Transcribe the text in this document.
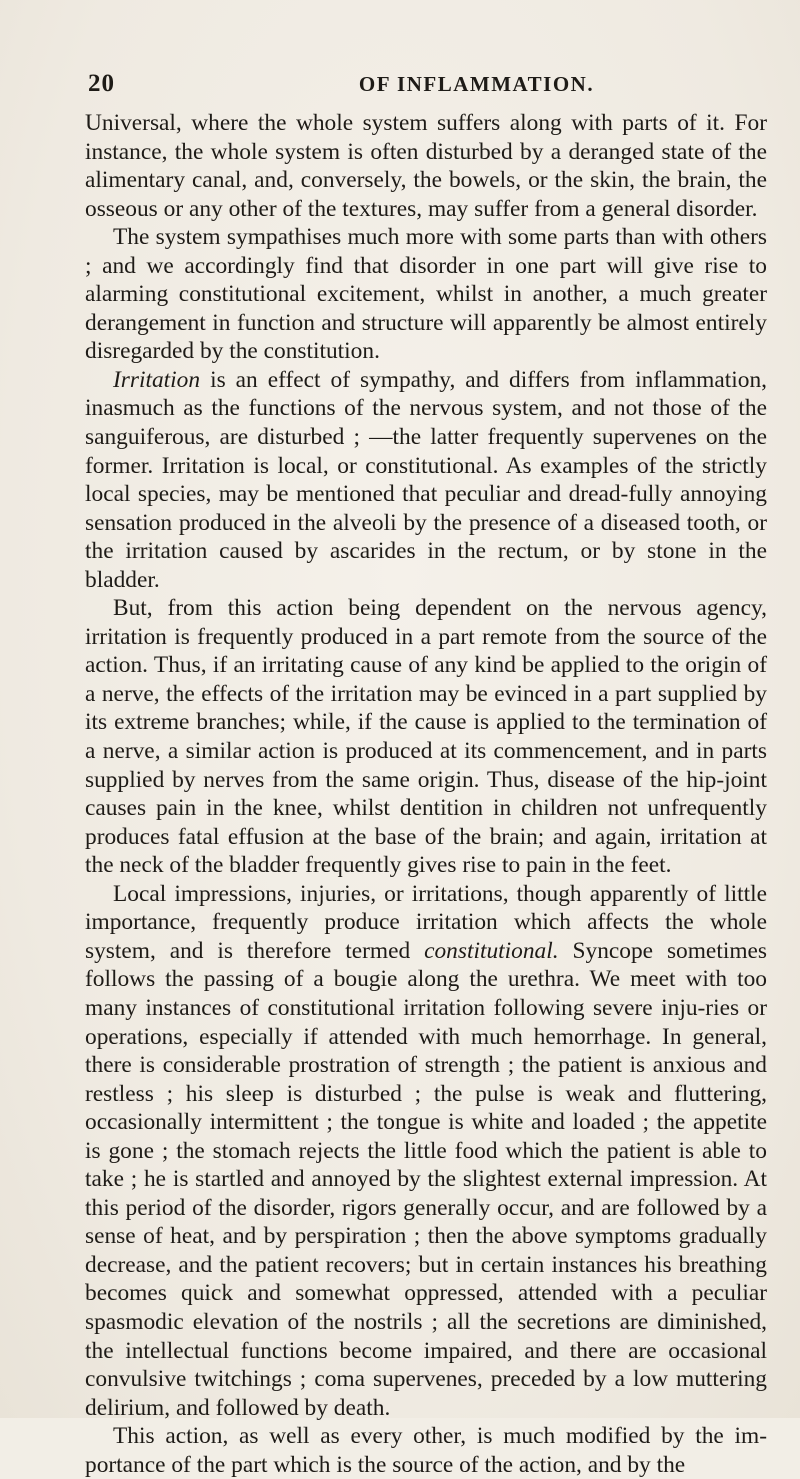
20	OF INFLAMMATION.

Universal, where the whole system suffers along with parts of it. For instance, the whole system is often disturbed by a deranged state of the alimentary canal, and, conversely, the bowels, or the skin, the brain, the osseous or any other of the textures, may suffer from a general disorder.

The system sympathises much more with some parts than with others ; and we accordingly find that disorder in one part will give rise to alarming constitutional excitement, whilst in another, a much greater derangement in function and structure will apparently be almost entirely disregarded by the constitution.

Irritation is an effect of sympathy, and differs from inflammation, inasmuch as the functions of the nervous system, and not those of the sanguiferous, are disturbed ; —the latter frequently supervenes on the former. Irritation is local, or constitutional. As examples of the strictly local species, may be mentioned that peculiar and dread-fully annoying sensation produced in the alveoli by the presence of a diseased tooth, or the irritation caused by ascarides in the rectum, or by stone in the bladder.

But, from this action being dependent on the nervous agency, irritation is frequently produced in a part remote from the source of the action. Thus, if an irritating cause of any kind be applied to the origin of a nerve, the effects of the irritation may be evinced in a part supplied by its extreme branches; while, if the cause is applied to the termination of a nerve, a similar action is produced at its commencement, and in parts supplied by nerves from the same origin. Thus, disease of the hip-joint causes pain in the knee, whilst dentition in children not unfrequently produces fatal effusion at the base of the brain; and again, irritation at the neck of the bladder frequently gives rise to pain in the feet.

Local impressions, injuries, or irritations, though apparently of little importance, frequently produce irritation which affects the whole system, and is therefore termed constitutional. Syncope sometimes follows the passing of a bougie along the urethra. We meet with too many instances of constitutional irritation following severe inju-ries or operations, especially if attended with much hemorrhage. In general, there is considerable prostration of strength ; the patient is anxious and restless ; his sleep is disturbed ; the pulse is weak and fluttering, occasionally intermittent ; the tongue is white and loaded ; the appetite is gone ; the stomach rejects the little food which the patient is able to take ; he is startled and annoyed by the slightest external impression. At this period of the disorder, rigors generally occur, and are followed by a sense of heat, and by perspiration ; then the above symptoms gradually decrease, and the patient recovers; but in certain instances his breathing becomes quick and somewhat oppressed, attended with a peculiar spasmodic elevation of the nostrils ; all the secretions are diminished, the intellectual functions become impaired, and there are occasional convulsive twitchings ; coma supervenes, preceded by a low muttering delirium, and followed by death.

This action, as well as every other, is much modified by the im-portance of the part which is the source of the action, and by the
